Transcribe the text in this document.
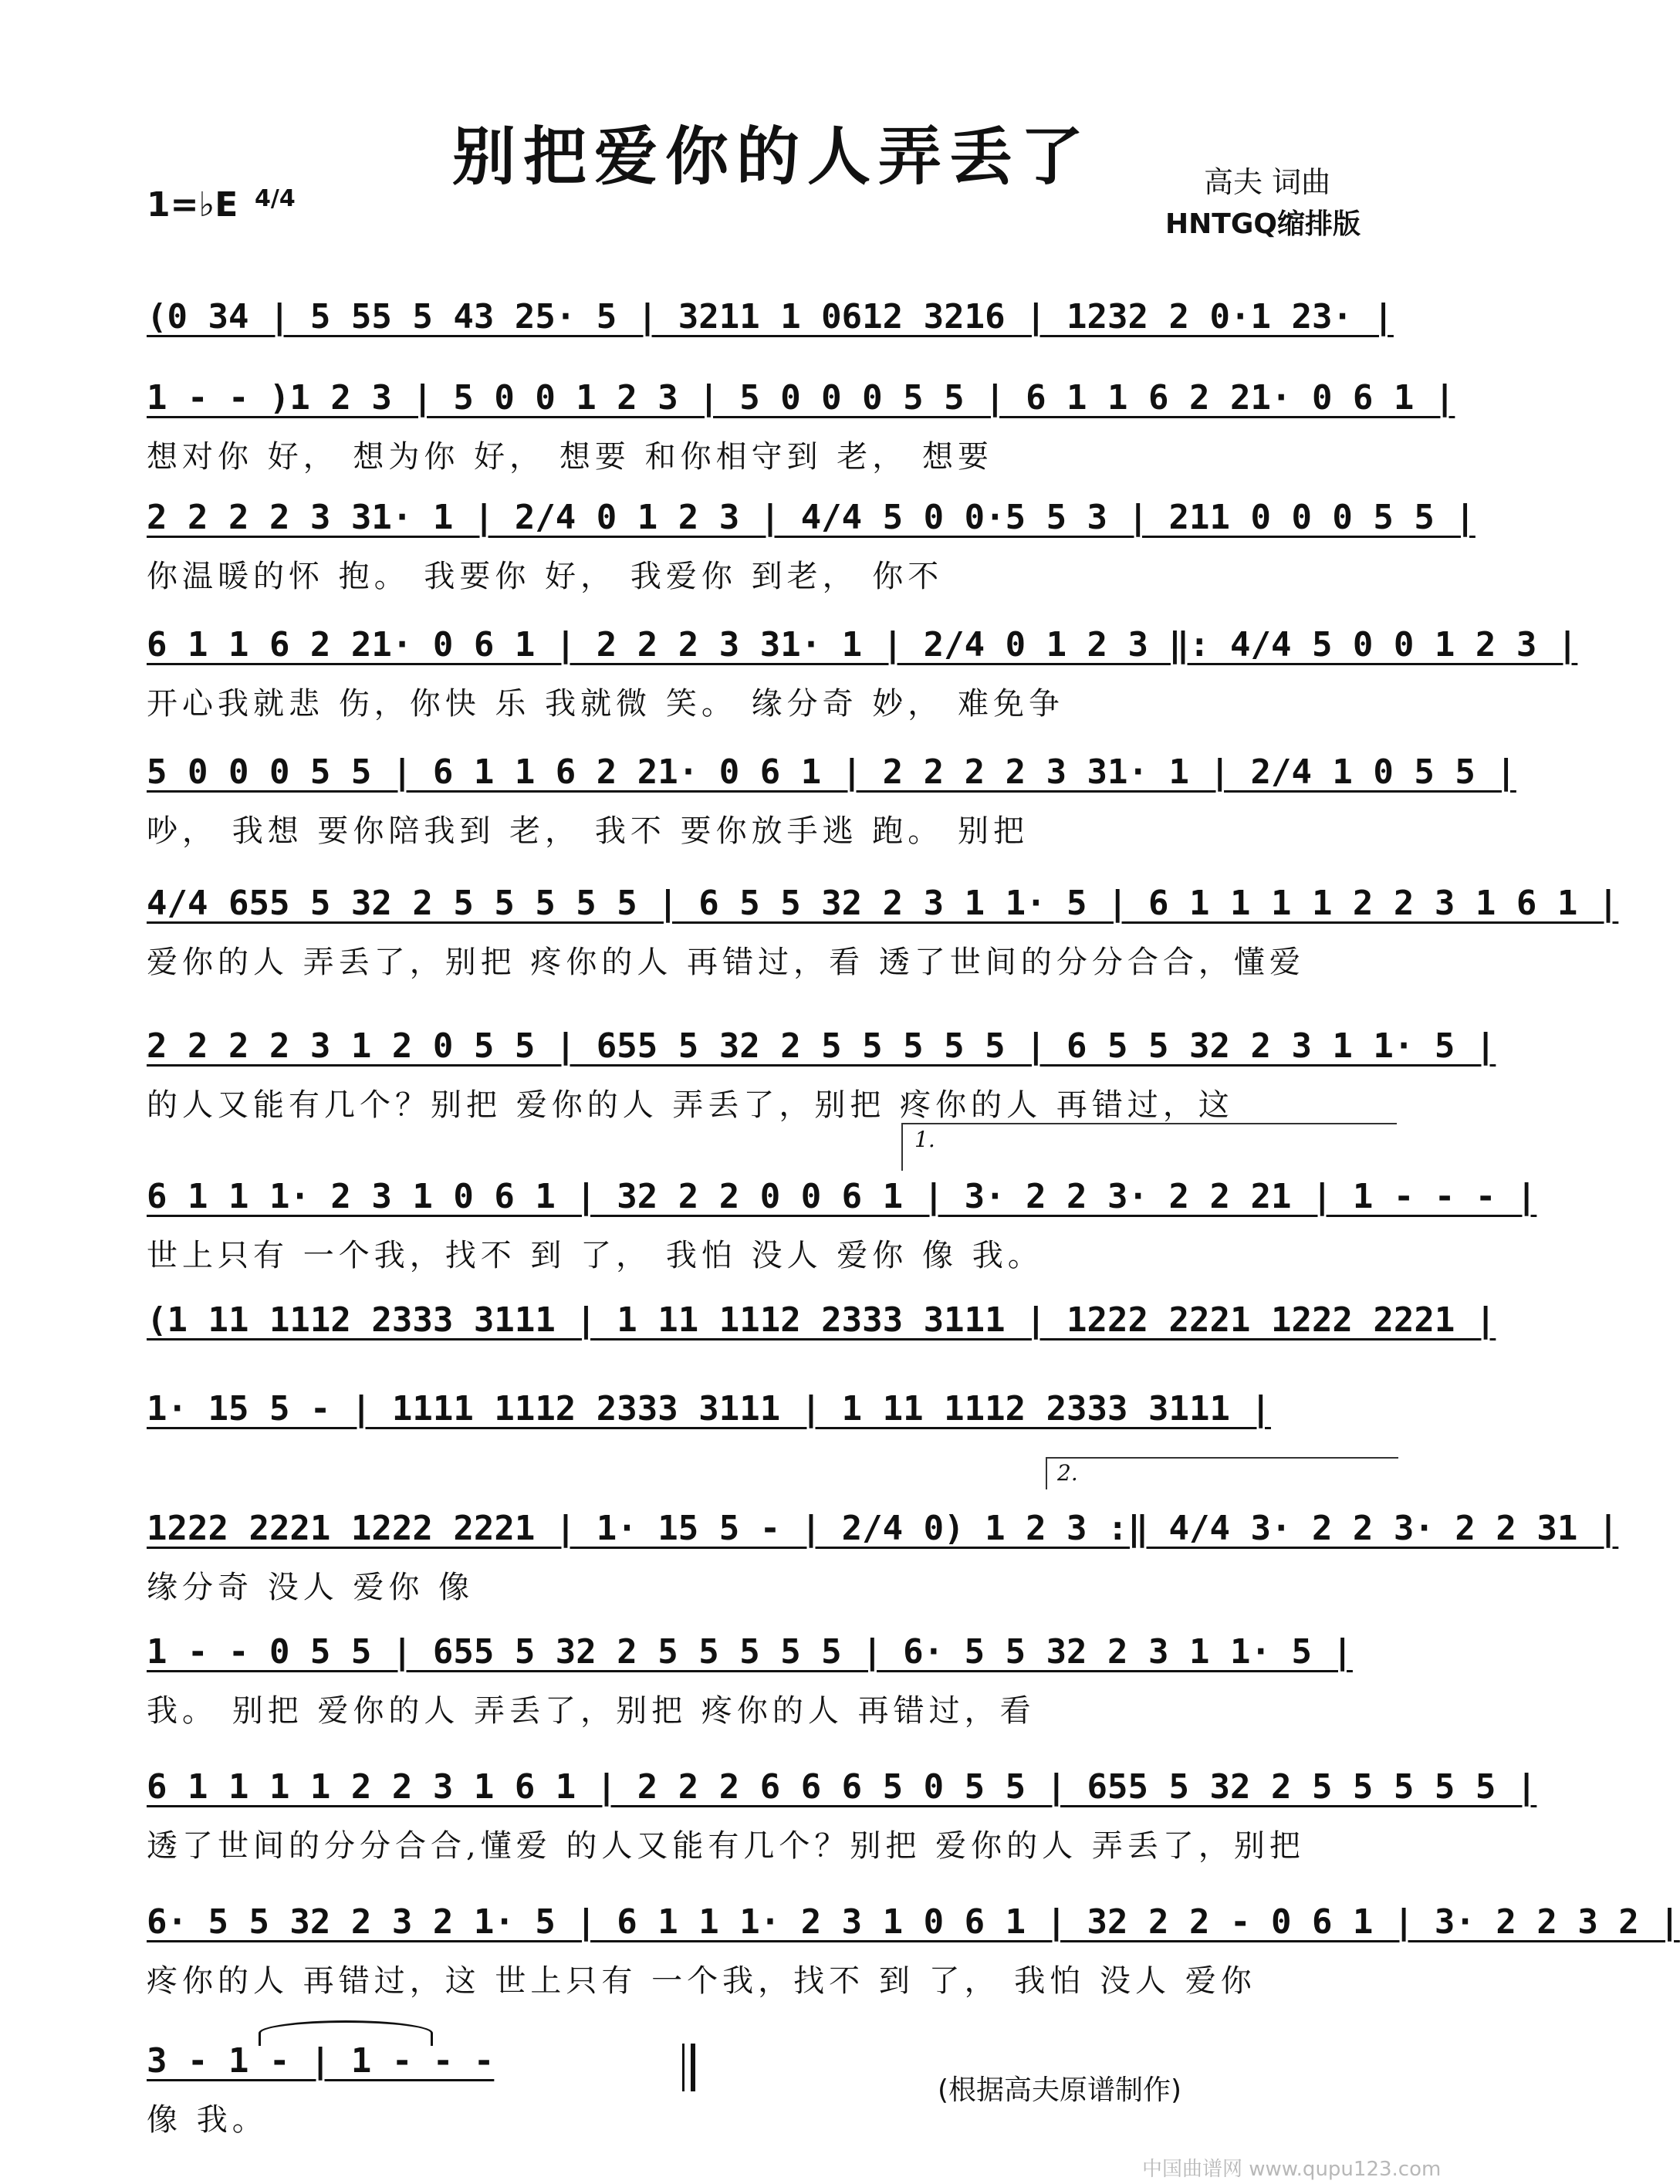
别把爱你的人弄丢了
1=♭E 4/4	高夫 词曲
HNTGQ缩排版
(0 34 | 5 55 5 43 25· 5 | 3211 1 0612 3216 | 1232 2 0·1 23· |
1 - - )1 2 3 | 5 0 0 1 2 3 | 5 0 0 0 5 5 | 6 1 1 6 2 21· 0 6 1 |
想对你 好， 想为你 好， 想要 和你相守到 老， 想要
2 2 2 2 3 31· 1 | 2/4 0 1 2 3 | 4/4 5 0 0·5 5 3 | 211 0 0 0 5 5 |
你温暖的怀 抱。 我要你 好， 我爱你 到老， 你不
6 1 1 6 2 21· 0 6 1 | 2 2 2 3 31· 1 | 2/4 0 1 2 3 ‖: 4/4 5 0 0 1 2 3 |
开心我就悲 伤，你快 乐 我就微 笑。 缘分奇 妙， 难免争
5 0 0 0 5 5 | 6 1 1 6 2 21· 0 6 1 | 2 2 2 2 3 31· 1 | 2/4 1 0 5 5 |
吵， 我想 要你陪我到 老， 我不 要你放手逃 跑。 别把
4/4 655 5 32 2 5 5 5 5 5 | 6 5 5 32 2 3 1 1· 5 | 6 1 1 1 1 2 2 3 1 6 1 |
爱你的人 弄丢了，别把 疼你的人 再错过，看 透了世间的分分合合，懂爱
2 2 2 2 3 1 2 0 5 5 | 655 5 32 2 5 5 5 5 5 | 6 5 5 32 2 3 1 1· 5 |
的人又能有几个？别把 爱你的人 弄丢了，别把 疼你的人 再错过，这
6 1 1 1· 2 3 1 0 6 1 | 32 2 2 0 0 6 1 | 3· 2 2 3· 2 2 21 | 1 - - - |
世上只有 一个我，找不 到 了， 我怕 没人 爱你 像 我。
(1 11 1112 2333 3111 | 1 11 1112 2333 3111 | 1222 2221 1222 2221 |
1· 15 5 - | 1111 1112 2333 3111 | 1 11 1112 2333 3111 |
1222 2221 1222 2221 | 1· 15 5 - | 2/4 0) 1 2 3 :‖ 4/4 3· 2 2 3· 2 2 31 |
缘分奇 没人 爱你 像
1 - - 0 5 5 | 655 5 32 2 5 5 5 5 5 | 6· 5 5 32 2 3 1 1· 5 |
我。 别把 爱你的人 弄丢了，别把 疼你的人 再错过，看
6 1 1 1 1 2 2 3 1 6 1 | 2 2 2 6 6 6 5 0 5 5 | 655 5 32 2 5 5 5 5 5 |
透了世间的分分合合,懂爱 的人又能有几个？别把 爱你的人 弄丢了，别把
6· 5 5 32 2 3 2 1· 5 | 6 1 1 1· 2 3 1 0 6 1 | 32 2 2 - 0 6 1 | 3· 2 2 3 2 |
疼你的人 再错过，这 世上只有 一个我，找不 到 了， 我怕 没人 爱你
3 - 1 - | 1 - - -
像 我。
1.
2.
(根据高夫原谱制作)
中国曲谱网 www.qupu123.com
